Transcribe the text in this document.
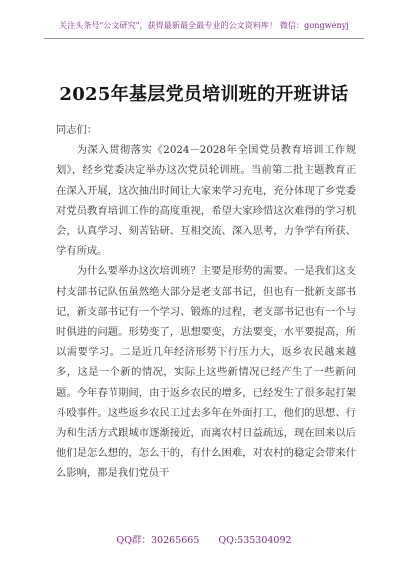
关注头条号"公文研究"，获得最新最全最专业的公文资料库！ 微信：gongwenyj
2025年基层党员培训班的开班讲话

同志们：

为深入贯彻落实《2024－2028年全国党员教育培训工作规划》，经乡党委决定举办这次党员轮训班。当前第二批主题教育正在深入开展，这次抽出时间让大家来学习充电，充分体现了乡党委对党员教育培训工作的高度重视，希望大家珍惜这次难得的学习机会，认真学习、刻苦钻研、互相交流、深入思考，力争学有所获、学有所成。

为什么要举办这次培训班？主要是形势的需要。一是我们这支村支部书记队伍虽然绝大部分是老支部书记，但也有一批新支部书记，新支部书记有一个学习、锻炼的过程，老支部书记也有一个与时俱进的问题。形势变了，思想要变，方法要变，水平要提高，所以需要学习。二是近几年经济形势下行压力大，返乡农民越来越多，这是一个新的情况，实际上这些新情况已经产生了一些新问题。今年春节期间，由于返乡农民的增多，已经发生了很多起打架斗殴事件。这些返乡农民工过去多年在外面打工，他们的思想、行为和生活方式跟城市逐渐接近，而离农村日益疏远，现在回来以后他们是怎么想的，怎么干的，有什么困难，对农村的稳定会带来什么影响，都是我们党员干

QQ群：30265665 QQ:535304092
